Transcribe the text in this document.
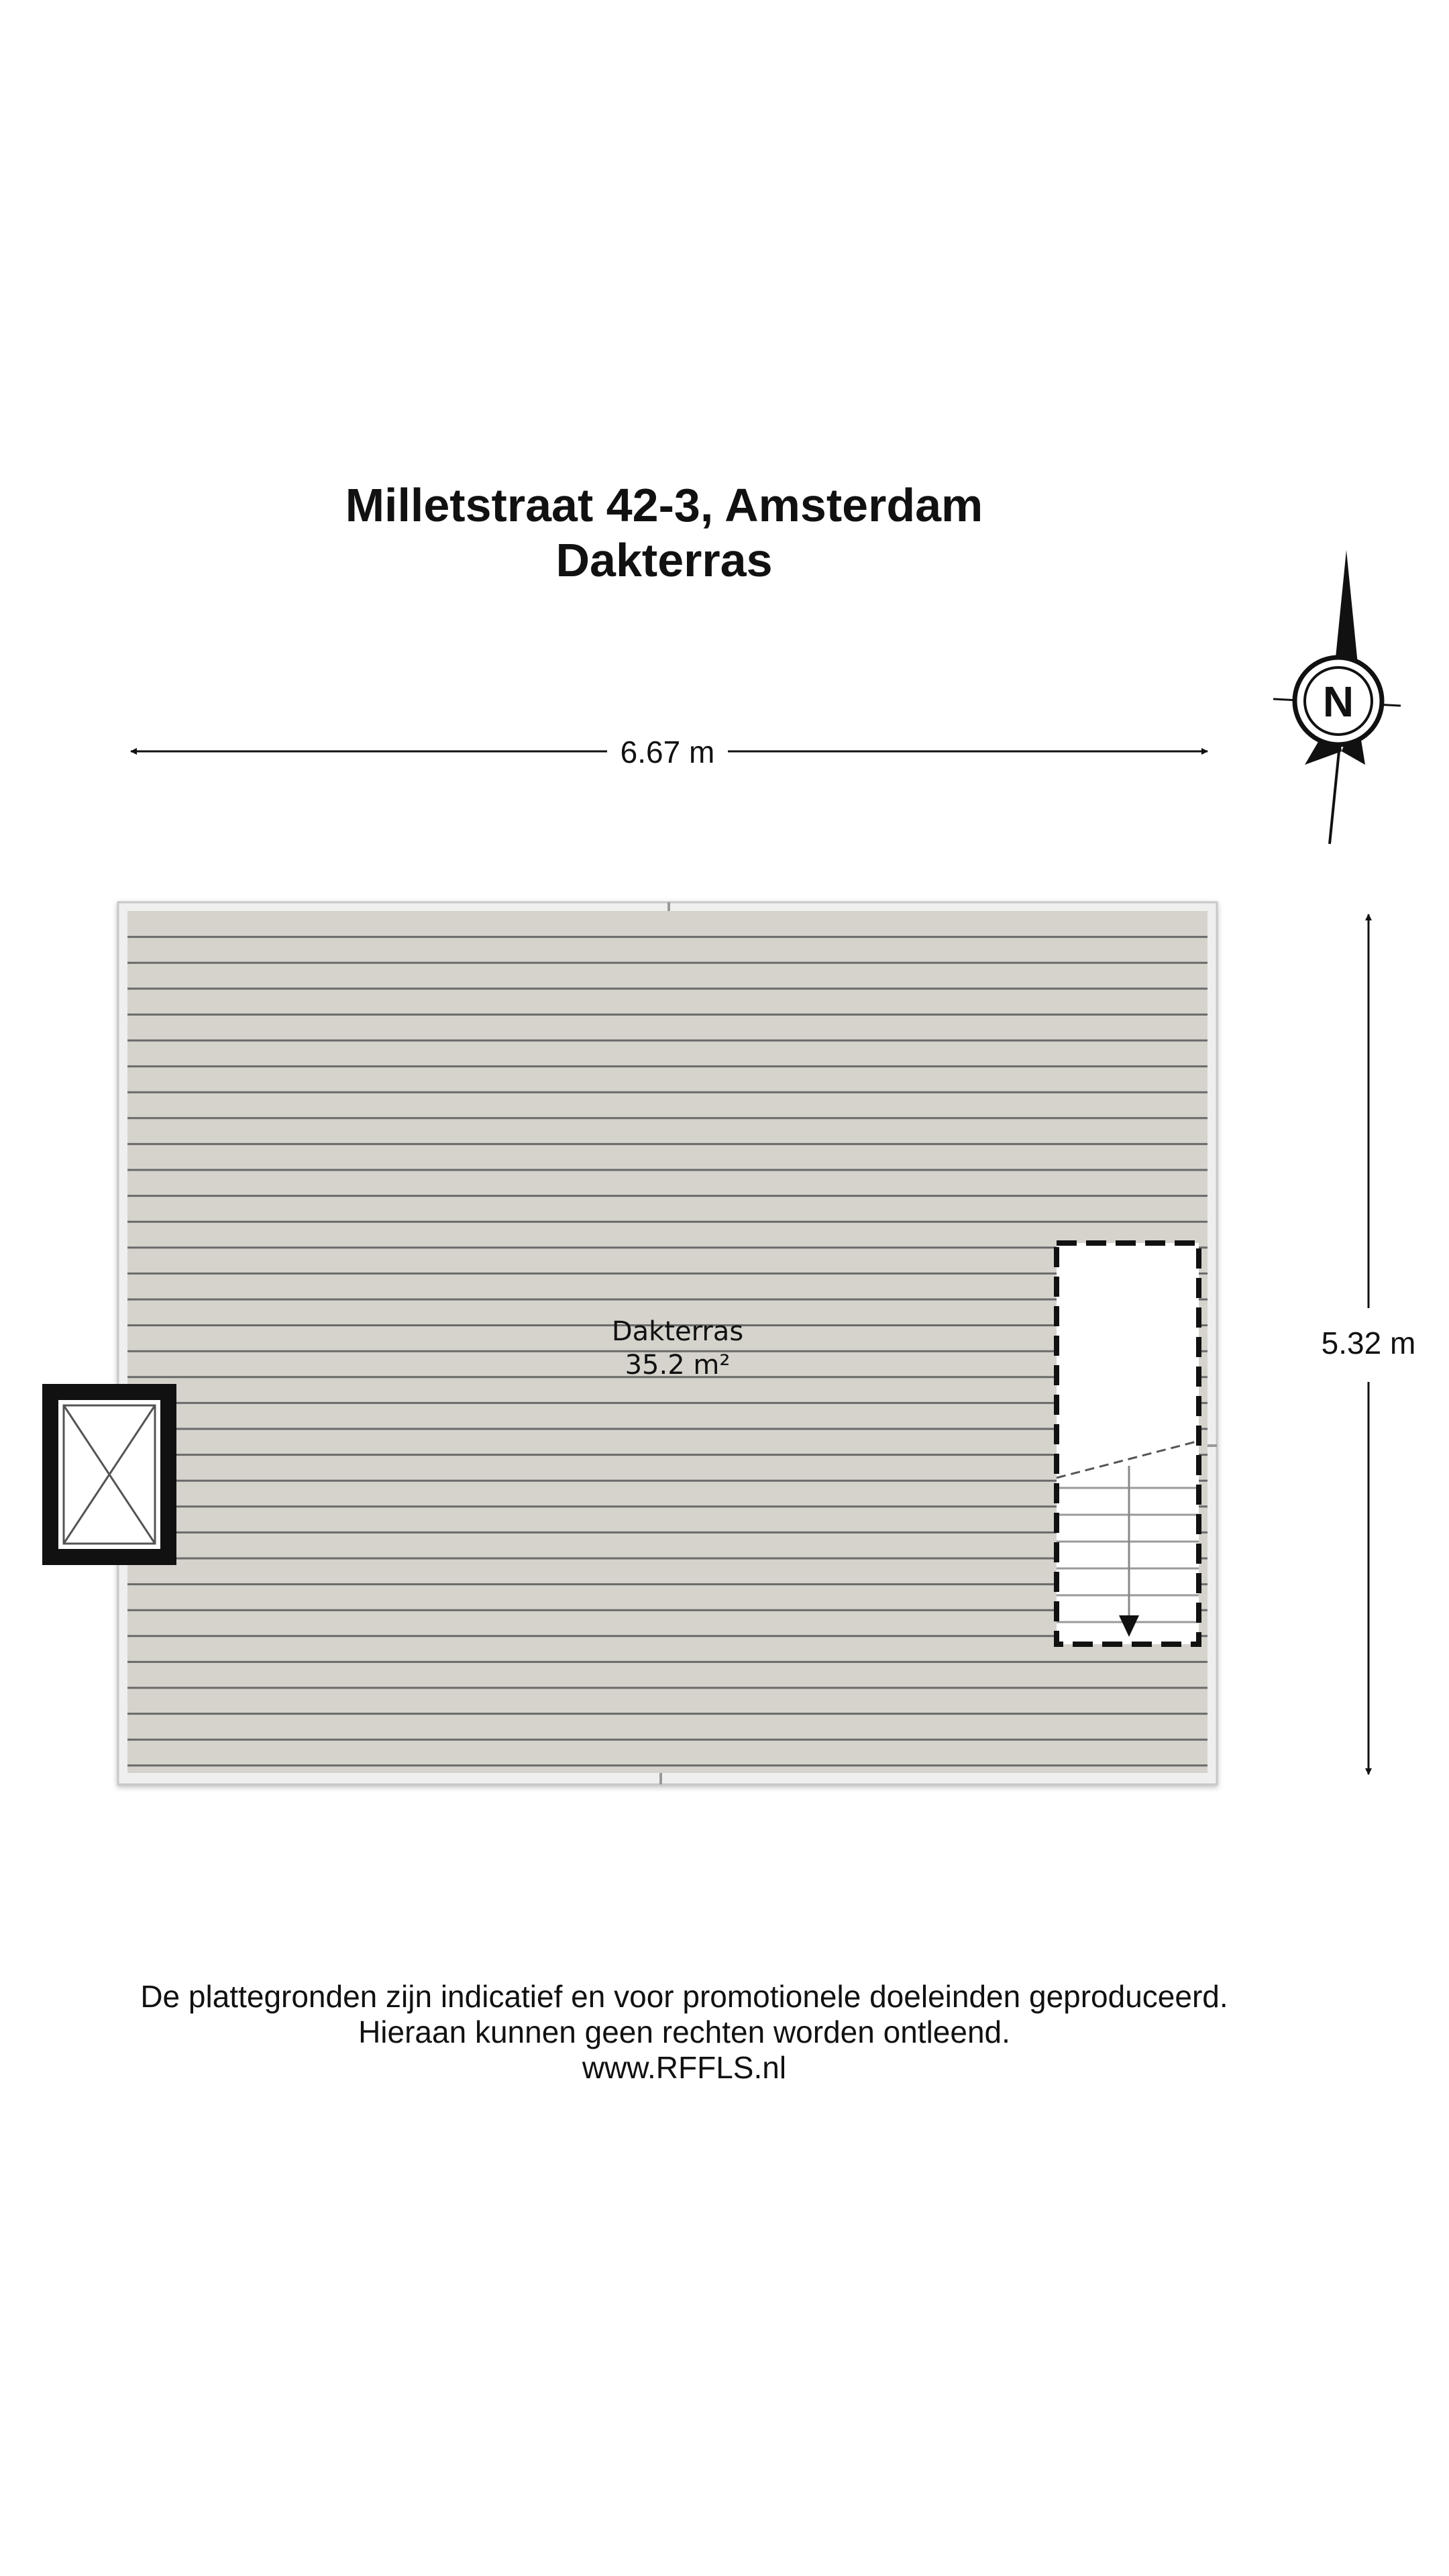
Milletstraat 42-3, Amsterdam
Dakterras
6.67 m
5.32 m
N
Dakterras
35.2 m²
De plattegronden zijn indicatief en voor promotionele doeleinden geproduceerd.
Hieraan kunnen geen rechten worden ontleend.
www.RFFLS.nl
